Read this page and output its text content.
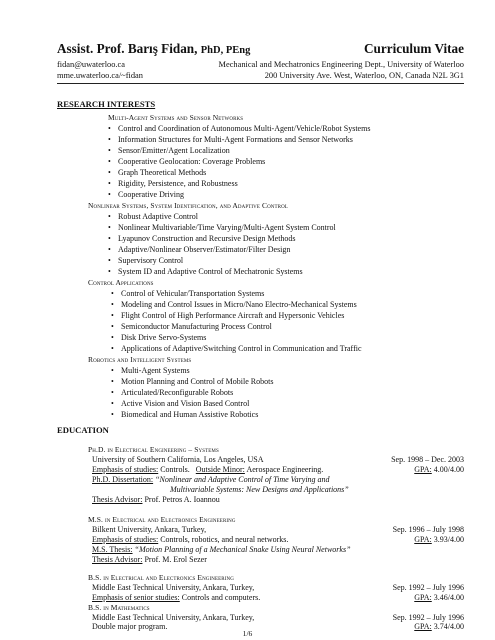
Assist. Prof. Barış Fidan, PhD, PEng	Curriculum Vitae
fidan@uwaterloo.ca	Mechanical and Mechatronics Engineering Dept., University of Waterloo
mme.uwaterloo.ca/~fidan	200 University Ave. West, Waterloo, ON, Canada N2L 3G1
RESEARCH INTERESTS
Multi-Agent Systems and Sensor Networks
• Control and Coordination of Autonomous Multi-Agent/Vehicle/Robot Systems
• Information Structures for Multi-Agent Formations and Sensor Networks
• Sensor/Emitter/Agent Localization
• Cooperative Geolocation: Coverage Problems
• Graph Theoretical Methods
• Rigidity, Persistence, and Robustness
• Cooperative Driving
Nonlinear Systems, System Identification, and Adaptive Control
• Robust Adaptive Control
• Nonlinear Multivariable/Time Varying/Multi-Agent System Control
• Lyapunov Construction and Recursive Design Methods
• Adaptive/Nonlinear Observer/Estimator/Filter Design
• Supervisory Control
• System ID and Adaptive Control of Mechatronic Systems
Control Applications
• Control of Vehicular/Transportation Systems
• Modeling and Control Issues in Micro/Nano Electro-Mechanical Systems
• Flight Control of High Performance Aircraft and Hypersonic Vehicles
• Semiconductor Manufacturing Process Control
• Disk Drive Servo-Systems
• Applications of Adaptive/Switching Control in Communication and Traffic
Robotics and Intelligent Systems
• Multi-Agent Systems
• Motion Planning and Control of Mobile Robots
• Articulated/Reconfigurable Robots
• Active Vision and Vision Based Control
• Biomedical and Human Assistive Robotics
EDUCATION
Ph.D. in Electrical Engineering – Systems
University of Southern California, Los Angeles, USA	Sep. 1998 – Dec. 2003
Emphasis of studies: Controls. Outside Minor: Aerospace Engineering.	GPA: 4.00/4.00
Ph.D. Dissertation: “Nonlinear and Adaptive Control of Time Varying and
Multivariable Systems: New Designs and Applications”
Thesis Advisor: Prof. Petros A. Ioannou
M.S. in Electrical and Electronics Engineering
Bilkent University, Ankara, Turkey,	Sep. 1996 – July 1998
Emphasis of studies: Controls, robotics, and neural networks.	GPA: 3.93/4.00
M.S. Thesis: “Motion Planning of a Mechanical Snake Using Neural Networks”
Thesis Advisor: Prof. M. Erol Sezer
B.S. in Electrical and Electronics Engineering
Middle East Technical University, Ankara, Turkey,	Sep. 1992 – July 1996
Emphasis of senior studies: Controls and computers.	GPA: 3.46/4.00
B.S. in Mathematics
Middle East Technical University, Ankara, Turkey,	Sep. 1992 – July 1996
Double major program.	GPA: 3.74/4.00
1/6
